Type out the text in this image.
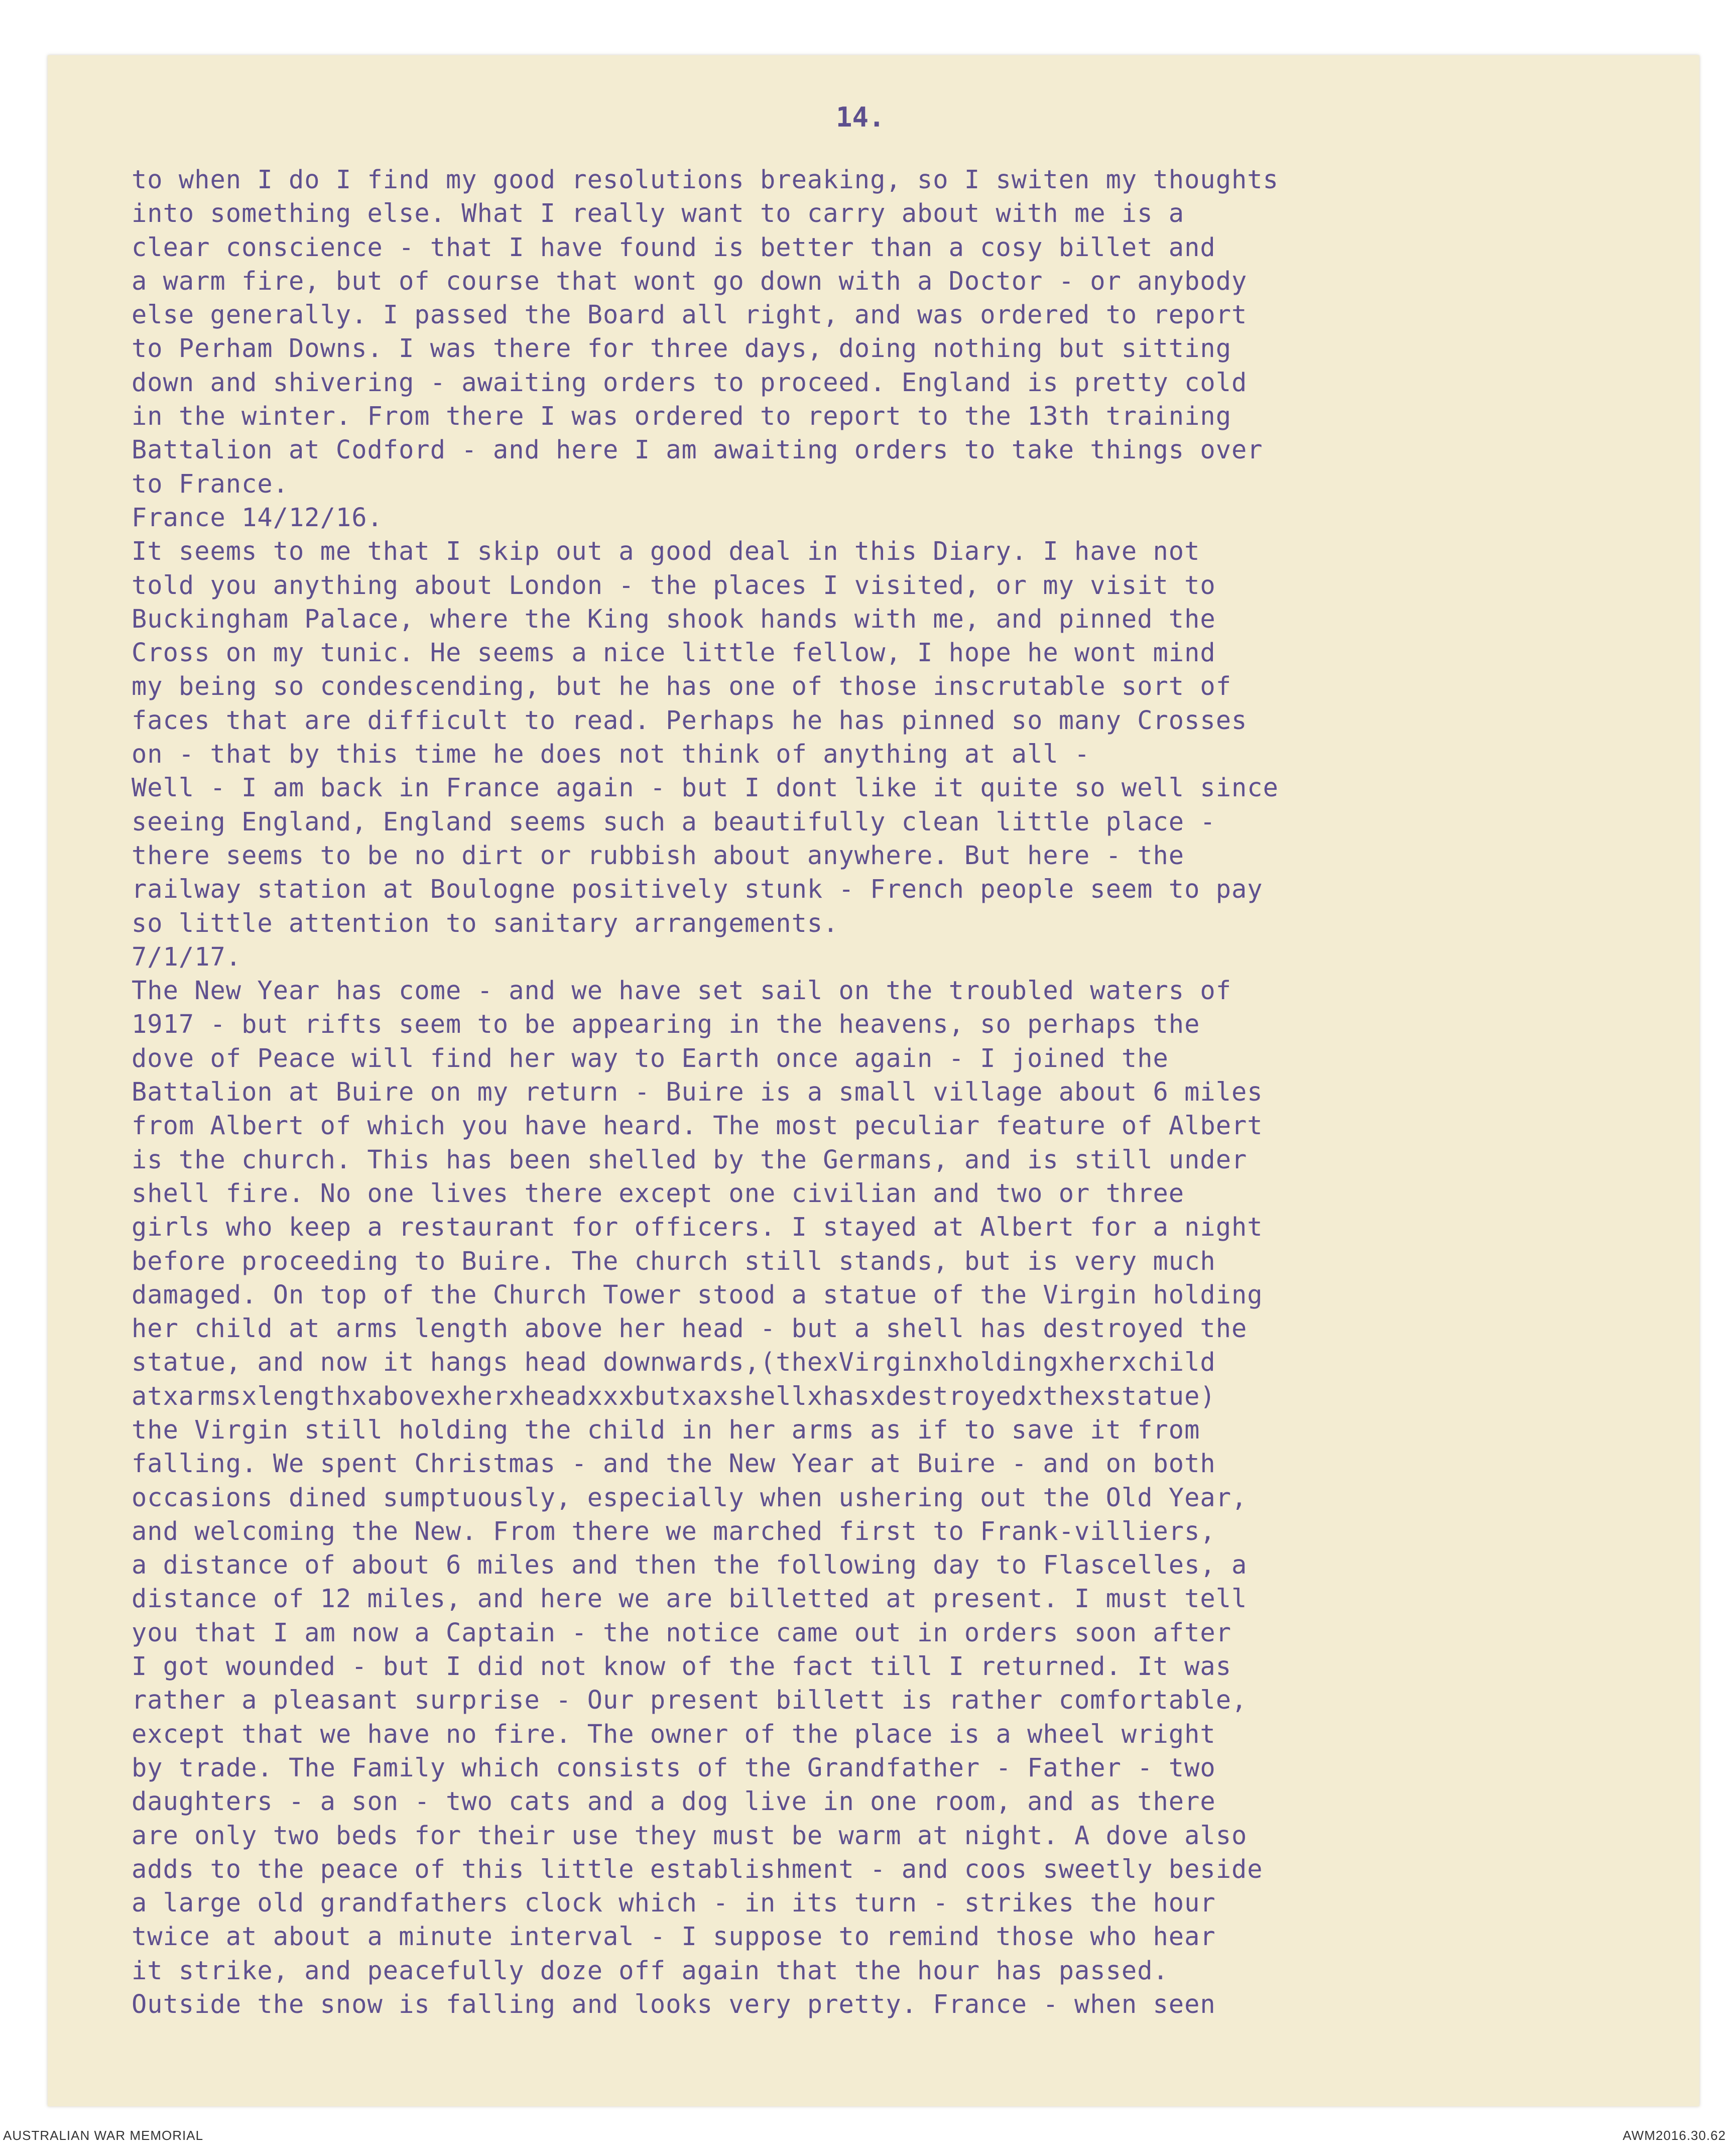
14.

to when I do I find my good resolutions breaking, so I switen my thoughts
into something else. What I really want to carry about with me is a
clear conscience - that I have found is better than a cosy billet and
a warm fire, but of course that wont go down with a Doctor - or anybody
else generally. I passed the Board all right, and was ordered to report
to Perham Downs. I was there for three days, doing nothing but sitting
down and shivering - awaiting orders to proceed. England is pretty cold
in the winter. From there I was ordered to report to the 13th training
Battalion at Codford - and here I am awaiting orders to take things over
to France.
France 14/12/16.
It seems to me that I skip out a good deal in this Diary. I have not
told you anything about London - the places I visited, or my visit to
Buckingham Palace, where the King shook hands with me, and pinned the
Cross on my tunic. He seems a nice little fellow, I hope he wont mind
my being so condescending, but he has one of those inscrutable sort of
faces that are difficult to read. Perhaps he has pinned so many Crosses
on - that by this time he does not think of anything at all -
Well - I am back in France again - but I dont like it quite so well since
seeing England, England seems such a beautifully clean little place -
there seems to be no dirt or rubbish about anywhere. But here - the
railway station at Boulogne positively stunk - French people seem to pay
so little attention to sanitary arrangements.
7/1/17.
The New Year has come - and we have set sail on the troubled waters of
1917 - but rifts seem to be appearing in the heavens, so perhaps the
dove of Peace will find her way to Earth once again - I joined the
Battalion at Buire on my return - Buire is a small village about 6 miles
from Albert of which you have heard. The most peculiar feature of Albert
is the church. This has been shelled by the Germans, and is still under
shell fire. No one lives there except one civilian and two or three
girls who keep a restaurant for officers. I stayed at Albert for a night
before proceeding to Buire. The church still stands, but is very much
damaged. On top of the Church Tower stood a statue of the Virgin holding
her child at arms length above her head - but a shell has destroyed the
statue, and now it hangs head downwards,(thexVirginxholdingxherxchild
atxarmsxlengthxabovexherxheadxxxbutxaxshellxhasxdestroyedxthexstatue)
the Virgin still holding the child in her arms as if to save it from
falling. We spent Christmas - and the New Year at Buire - and on both
occasions dined sumptuously, especially when ushering out the Old Year,
and welcoming the New. From there we marched first to Frank-villiers,
a distance of about 6 miles and then the following day to Flascelles, a
distance of 12 miles, and here we are billetted at present. I must tell
you that I am now a Captain - the notice came out in orders soon after
I got wounded - but I did not know of the fact till I returned. It was
rather a pleasant surprise - Our present billett is rather comfortable,
except that we have no fire. The owner of the place is a wheel wright
by trade. The Family which consists of the Grandfather - Father - two
daughters - a son - two cats and a dog live in one room, and as there
are only two beds for their use they must be warm at night. A dove also
adds to the peace of this little establishment - and coos sweetly beside
a large old grandfathers clock which - in its turn - strikes the hour
twice at about a minute interval - I suppose to remind those who hear
it strike, and peacefully doze off again that the hour has passed.
Outside the snow is falling and looks very pretty. France - when seen

AUSTRALIAN WAR MEMORIAL	AWM2016.30.62
